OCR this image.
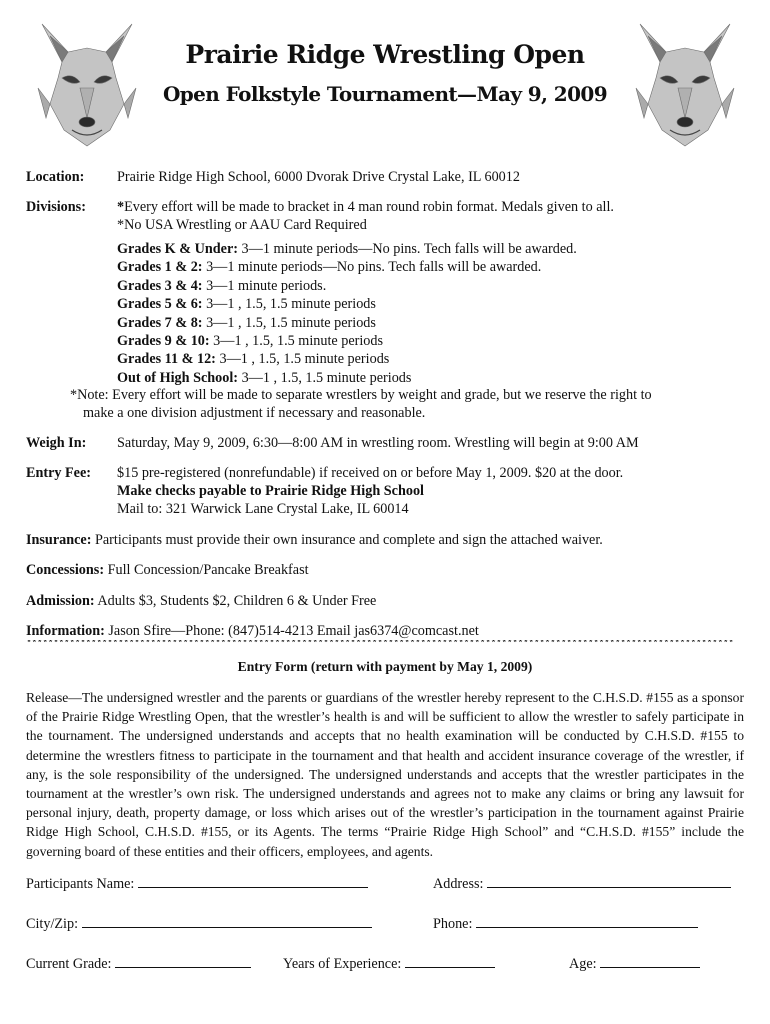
Prairie Ridge Wrestling Open
Open Folkstyle Tournament—May 9, 2009
Location: Prairie Ridge High School, 6000 Dvorak Drive Crystal Lake, IL 60012
Divisions: *Every effort will be made to bracket in 4 man round robin format. Medals given to all.
*No USA Wrestling or AAU Card Required
Grades K & Under: 3—1 minute periods—No pins. Tech falls will be awarded.
Grades 1 & 2: 3—1 minute periods—No pins. Tech falls will be awarded.
Grades 3 & 4: 3—1 minute periods.
Grades 5 & 6: 3—1 , 1.5, 1.5 minute periods
Grades 7 & 8: 3—1 , 1.5, 1.5 minute periods
Grades 9 & 10: 3—1 , 1.5, 1.5 minute periods
Grades 11 & 12: 3—1 , 1.5, 1.5 minute periods
Out of High School: 3—1 , 1.5, 1.5 minute periods
*Note: Every effort will be made to separate wrestlers by weight and grade, but we reserve the right to
make a one division adjustment if necessary and reasonable.
Weigh In: Saturday, May 9, 2009, 6:30—8:00 AM in wrestling room. Wrestling will begin at 9:00 AM
Entry Fee: $15 pre-registered (nonrefundable) if received on or before May 1, 2009. $20 at the door.
Make checks payable to Prairie Ridge High School
Mail to: 321 Warwick Lane Crystal Lake, IL 60014
Insurance: Participants must provide their own insurance and complete and sign the attached waiver.
Concessions: Full Concession/Pancake Breakfast
Admission: Adults $3, Students $2, Children 6 & Under Free
Information: Jason Sfire—Phone: (847)514-4213 Email jas6374@comcast.net
***********************************************************************************************************************************
Entry Form (return with payment by May 1, 2009)
Release—The undersigned wrestler and the parents or guardians of the wrestler hereby represent to the C.H.S.D. #155 as a sponsor of the Prairie Ridge Wrestling Open, that the wrestler’s health is and will be sufficient to allow the wrestler to safely participate in the tournament. The undersigned understands and accepts that no health examination will be conducted by C.H.S.D. #155 to determine the wrestlers fitness to participate in the tournament and that health and accident insurance coverage of the wrestler, if any, is the sole responsibility of the undersigned. The undersigned understands and accepts that the wrestler participates in the tournament at the wrestler’s own risk. The undersigned understands and agrees not to make any claims or bring any lawsuit for personal injury, death, property damage, or loss which arises out of the wrestler’s participation in the tournament against Prairie Ridge High School, C.H.S.D. #155, or its Agents. The terms “Prairie Ridge High School” and “C.H.S.D. #155” include the governing board of these entities and their officers, employees, and agents.
Participants Name:	Address:
City/Zip:	Phone:
Current Grade:	Years of Experience:	Age:
